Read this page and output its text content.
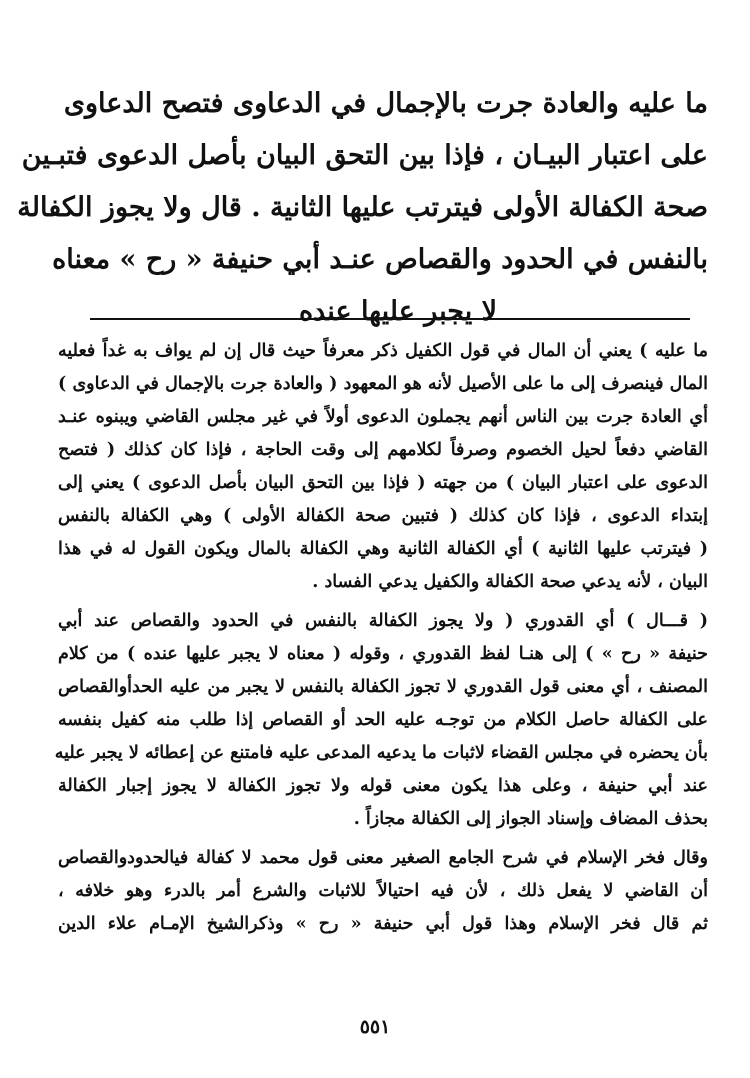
ما عليه والعادة جرت بالإجمال في الدعاوى فتصح الدعاوى
على اعتبار البيـان ، فإذا بين التحق البيان بأصل الدعوى فتبـين
صحة الكفالة الأولى فيترتب عليها الثانية . قال ولا يجوز الكفالة
بالنفس في الحدود والقصاص عنـد أبي حنيفة « رح » معناه
لا يجبر عليها عنده
ما عليه ) يعني أن المال في قول الكفيل ذكر معرفاً حيث قال إن لم يواف به غداً فعليه
المال فينصرف إلى ما على الأصيل لأنه هو المعهود ( والعادة جرت بالإجمال في الدعاوى )
أي العادة جرت بين الناس أنهم يجملون الدعوى أولاً في غير مجلس القاضي ويبنوه عنـد
القاضي دفعاً لحيل الخصوم وصرفاً لكلامهم إلى وقت الحاجة ، فإذا كان كذلك ( فتصح
الدعوى على اعتبار البيان ) من جهته ( فإذا بين التحق البيان بأصل الدعوى ) يعني إلى
إبتداء الدعوى ، فإذا كان كذلك ( فتبين صحة الكفالة الأولى ) وهي الكفالة بالنفس
( فيترتب عليها الثانية ) أي الكفالة الثانية وهي الكفالة بالمال ويكون القول له في هذا
البيان ، لأنه يدعي صحة الكفالة والكفيل يدعي الفساد .
( قـــال ) أي القدوري ( ولا يجوز الكفالة بالنفس في الحدود والقصاص عند أبي
حنيفة « رح » ) إلى هنـا لفظ القدوري ، وقوله ( معناه لا يجبر عليها عنده ) من كلام
المصنف ، أي معنى قول القدوري لا تجوز الكفالة بالنفس لا يجبر من عليه الحدأوالقصاص
على الكفالة حاصل الكلام من توجـه عليه الحد أو القصاص إذا طلب منه كفيل بنفسه
بأن يحضره في مجلس القضاء لاثبات ما يدعيه المدعى عليه فامتنع عن إعطائه لا يجبر عليه
عند أبي حنيفة ، وعلى هذا يكون معنى قوله ولا تجوز الكفالة لا يجوز إجبار الكفالة
بحذف المضاف وإسناد الجواز إلى الكفالة مجازاً .
وقال فخر الإسلام في شرح الجامع الصغير معنى قول محمد لا كفالة فيالحدودوالقصاص
أن القاضي لا يفعل ذلك ، لأن فيه احتيالاً للاثبات والشرع أمر بالدرء وهو خلافه ،
ثم قال فخر الإسلام وهذا قول أبي حنيفة « رح » وذكرالشيخ الإمـام علاء الدين
٥٥١
